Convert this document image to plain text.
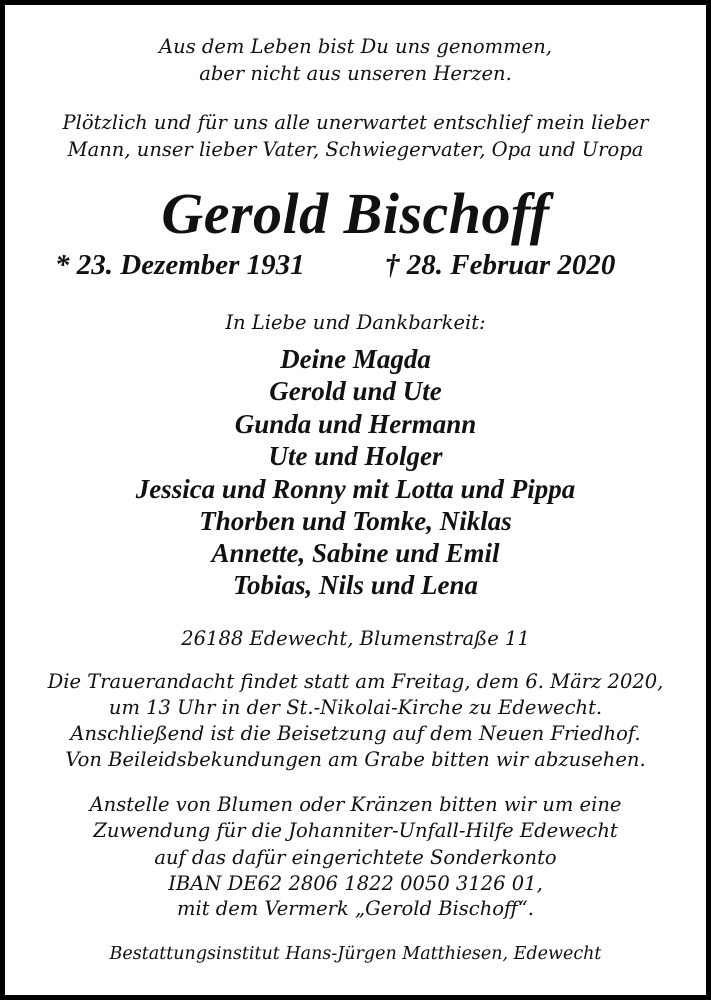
Aus dem Leben bist Du uns genommen,

aber nicht aus unseren Herzen.

Plötzlich und für uns alle unerwartet entschlief mein lieber

Mann, unser lieber Vater, Schwiegervater, Opa und Uropa

Gerold Bischoff
* 23. Dezember 1931	† 28. Februar 2020

In Liebe und Dankbarkeit:

Deine Magda

Gerold und Ute

Gunda und Hermann

Ute und Holger

Jessica und Ronny mit Lotta und Pippa

Thorben und Tomke, Niklas

Annette, Sabine und Emil

Tobias, Nils und Lena

26188 Edewecht, Blumenstraße 11

Die Trauerandacht findet statt am Freitag, dem 6. März 2020,

um 13 Uhr in der St.-Nikolai-Kirche zu Edewecht.

Anschließend ist die Beisetzung auf dem Neuen Friedhof.

Von Beileidsbekundungen am Grabe bitten wir abzusehen.

Anstelle von Blumen oder Kränzen bitten wir um eine

Zuwendung für die Johanniter-Unfall-Hilfe Edewecht

auf das dafür eingerichtete Sonderkonto

IBAN DE62 2806 1822 0050 3126 01,

mit dem Vermerk „Gerold Bischoff“.

Bestattungsinstitut Hans-Jürgen Matthiesen, Edewecht
